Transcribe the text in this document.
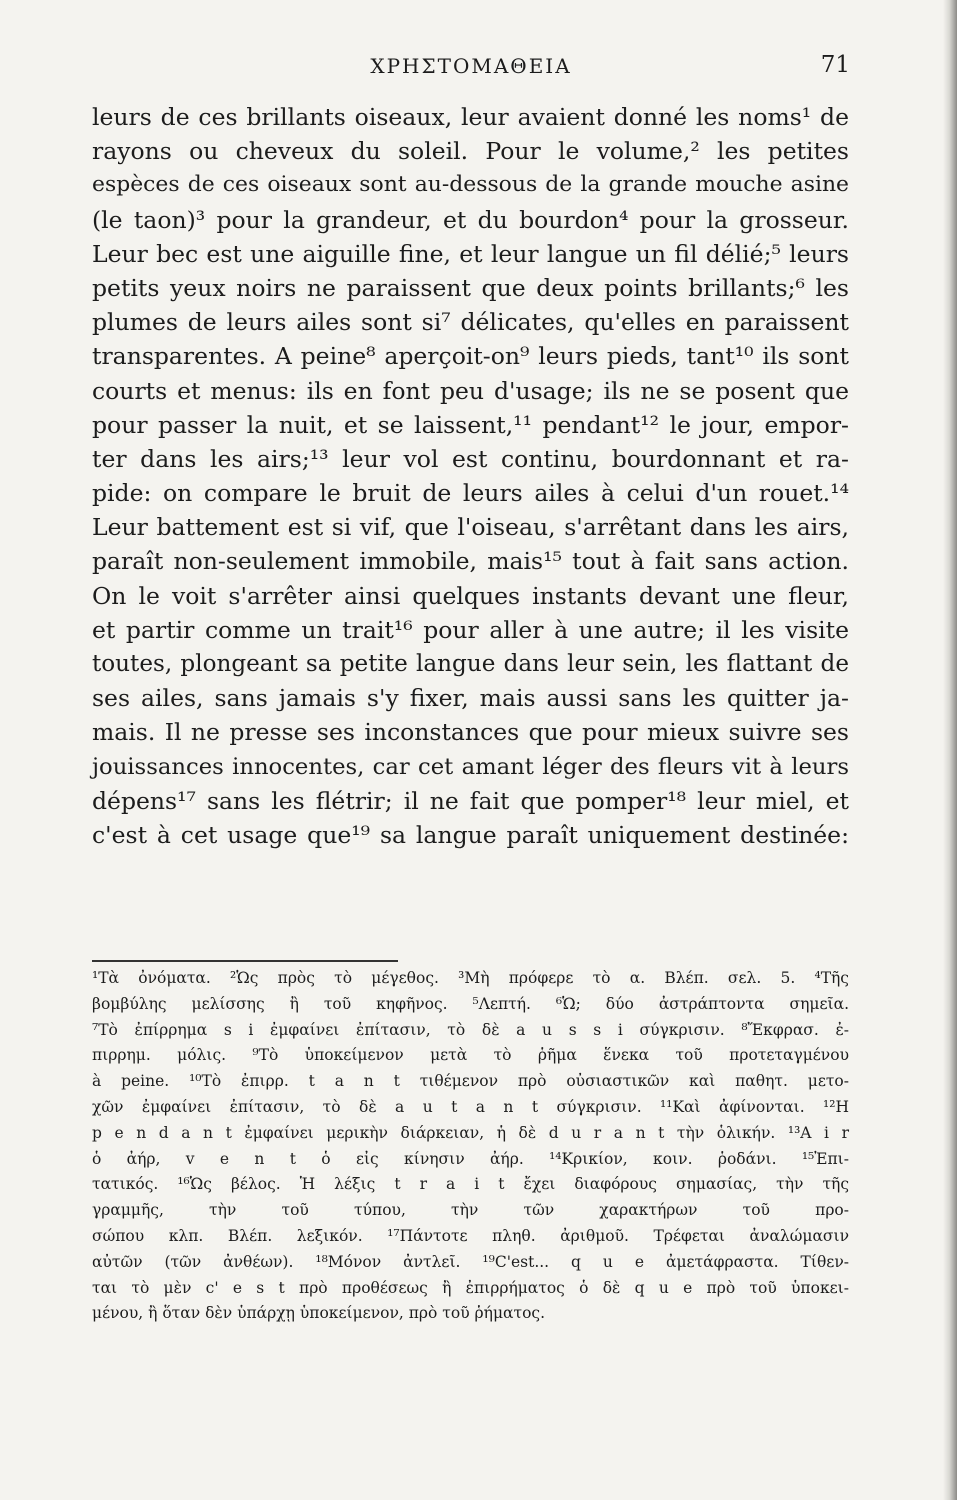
ΧΡΗΣΤΟΜΑΘΕΙΑ	71
leurs de ces brillants oiseaux, leur avaient donné les noms¹ de
rayons ou cheveux du soleil. Pour le volume,² les petites
espèces de ces oiseaux sont au-dessous de la grande mouche asine
(le taon)³ pour la grandeur, et du bourdon⁴ pour la grosseur.
Leur bec est une aiguille fine, et leur langue un fil délié;⁵ leurs
petits yeux noirs ne paraissent que deux points brillants;⁶ les
plumes de leurs ailes sont si⁷ délicates, qu'elles en paraissent
transparentes. A peine⁸ aperçoit-on⁹ leurs pieds, tant¹⁰ ils sont
courts et menus: ils en font peu d'usage; ils ne se posent que
pour passer la nuit, et se laissent,¹¹ pendant¹² le jour, empor-
ter dans les airs;¹³ leur vol est continu, bourdonnant et ra-
pide: on compare le bruit de leurs ailes à celui d'un rouet.¹⁴
Leur battement est si vif, que l'oiseau, s'arrêtant dans les airs,
paraît non-seulement immobile, mais¹⁵ tout à fait sans action.
On le voit s'arrêter ainsi quelques instants devant une fleur,
et partir comme un trait¹⁶ pour aller à une autre; il les visite
toutes, plongeant sa petite langue dans leur sein, les flattant de
ses ailes, sans jamais s'y fixer, mais aussi sans les quitter ja-
mais. Il ne presse ses inconstances que pour mieux suivre ses
jouissances innocentes, car cet amant léger des fleurs vit à leurs
dépens¹⁷ sans les flétrir; il ne fait que pomper¹⁸ leur miel, et
c'est à cet usage que¹⁹ sa langue paraît uniquement destinée:
¹Τὰ ὀνόματα. ²Ὡς πρὸς τὸ μέγεθος. ³Μὴ πρόφερε τὸ α. Βλέπ. σελ. 5. ⁴Τῆς
βομβύλης μελίσσης ἢ τοῦ κηφῆνος. ⁵Λεπτή. ⁶Ὡ; δύο ἀστράπτοντα σημεῖα.
⁷Τὸ ἐπίρρημα s i ἐμφαίνει ἐπίτασιν, τὸ δὲ a u s s i σύγκρισιν. ⁸Ἔκφρασ. ἐ-
πιρρημ. μόλις. ⁹Τὸ ὑποκείμενον μετὰ τὸ ῥῆμα ἕνεκα τοῦ προτεταγμένου
à peine. ¹⁰Τὸ ἐπιρρ. t a n t τιθέμενον πρὸ οὐσιαστικῶν καὶ παθητ. μετο-
χῶν ἐμφαίνει ἐπίτασιν, τὸ δὲ a u t a n t σύγκρισιν. ¹¹Καὶ ἀφίνονται. ¹²Η
p e n d a n t ἐμφαίνει μερικὴν διάρκειαν, ἡ δὲ d u r a n t τὴν ὁλικήν. ¹³A i r
ὁ ἀήρ, v e n t ὁ εἰς κίνησιν ἀήρ. ¹⁴Κρικίον, κοιν. ῥοδάνι. ¹⁵Ἐπι-
τατικός. ¹⁶Ὡς βέλος. Ἡ λέξις t r a i t ἔχει διαφόρους σημασίας, τὴν τῆς
γραμμῆς, τὴν τοῦ τύπου, τὴν τῶν χαρακτήρων τοῦ προ-
σώπου κλπ. Βλέπ. λεξικόν. ¹⁷Πάντοτε πληθ. ἀριθμοῦ. Τρέφεται ἀναλώμασιν
αὐτῶν (τῶν ἀνθέων). ¹⁸Μόνον ἀντλεῖ. ¹⁹C'est... q u e ἀμετάφραστα. Τίθεν-
ται τὸ μὲν c' e s t πρὸ προθέσεως ἢ ἐπιρρήματος ὁ δὲ q u e πρὸ τοῦ ὑποκει-
μένου, ἢ ὅταν δὲν ὑπάρχῃ ὑποκείμενον, πρὸ τοῦ ῥήματος.
